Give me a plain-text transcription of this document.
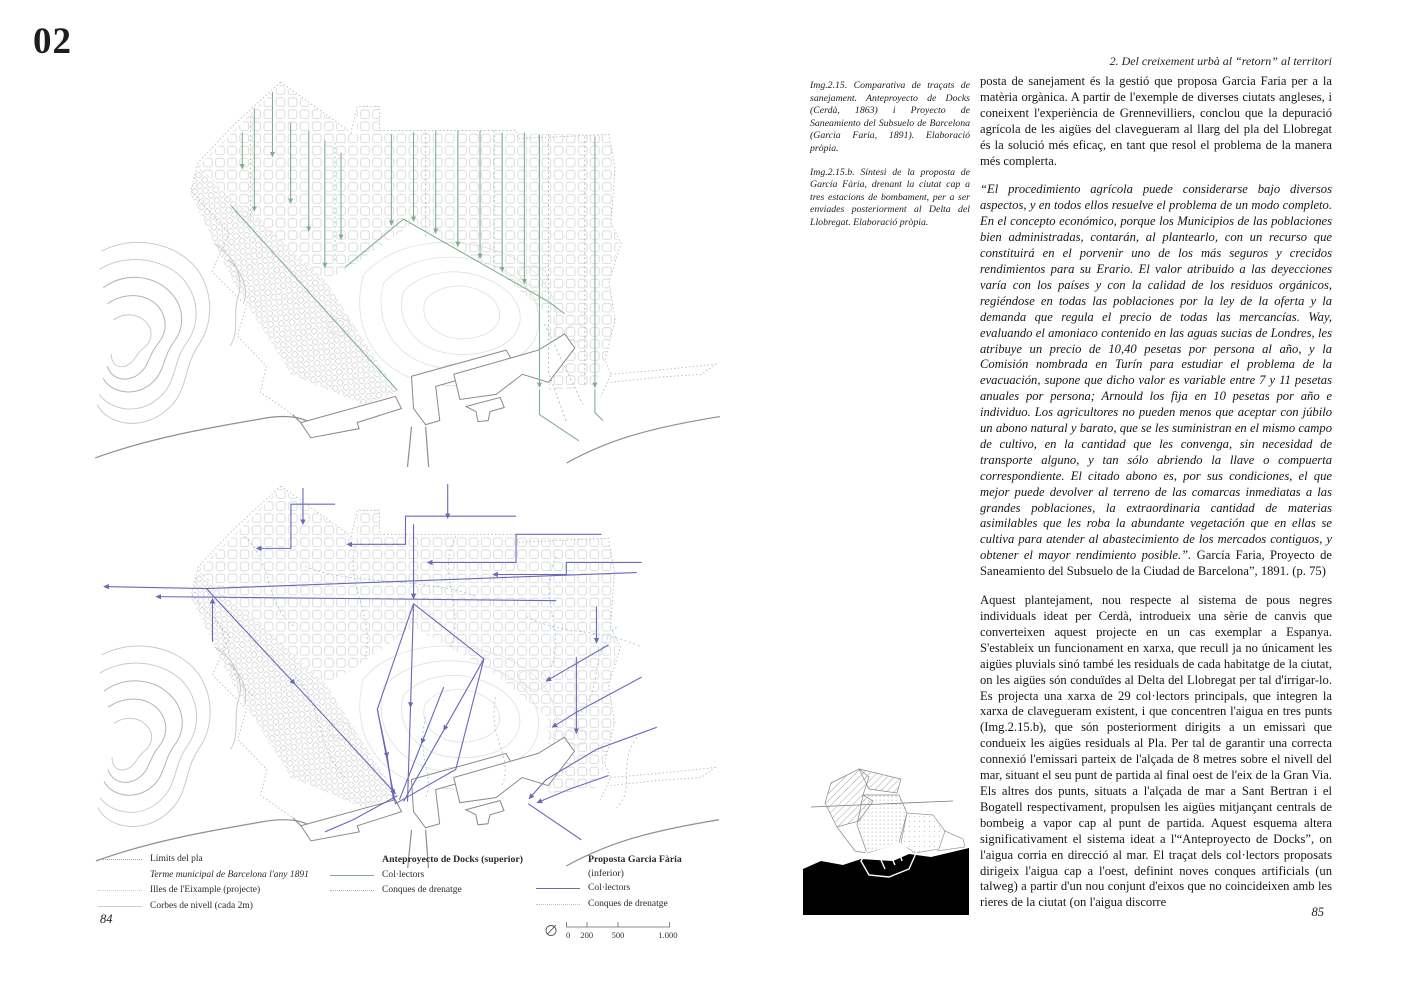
02
Límits del pla
Terme municipal de Barcelona l'any 1891
Illes de l'Eixample (projecte)
Corbes de nivell (cada 2m)
Anteproyecto de Docks (superior)
Col·lectors
Conques de drenatge
Proposta Garcia Fària (inferior)
Col·lectors
Conques de drenatge
0 200 500	1.000
84
2. Del creixement urbà al “retorn” al territori

Img.2.15. Comparativa de traçats de sanejament. Anteproyecto de Docks (Cerdà, 1863) i Proyecto de Saneamiento del Subsuelo de Barcelona (Garcia Faria, 1891). Elaboració pròpia.

Img.2.15.b. Síntesi de la proposta de García Fària, drenant la ciutat cap a tres estacions de bombament, per a ser enviades posteriorment al Delta del Llobregat. Elaboració pròpia.

posta de sanejament és la gestió que proposa Garcia Faria per a la matèria orgànica. A partir de l'exemple de diverses ciutats angleses, i coneixent l'experiència de Grennevilliers, conclou que la depuració agrícola de les aigües del clavegueram al llarg del pla del Llobregat és la solució més eficaç, en tant que resol el problema de la manera més complerta.

“El procedimiento agrícola puede considerarse bajo diversos aspectos, y en todos ellos resuelve el problema de un modo completo. En el concepto económico, porque los Municipios de las poblaciones bien administradas, contarán, al plantearlo, con un recurso que constituirá en el porvenir uno de los más seguros y crecidos rendimientos para su Erario. El valor atribuido a las deyecciones varía con los países y con la calidad de los residuos orgánicos, regiéndose en todas las poblaciones por la ley de la oferta y la demanda que regula el precio de todas las mercancías. Way, evaluando el amoniaco contenido en las aguas sucias de Londres, les atribuye un precio de 10,40 pesetas por persona al año, y la Comisión nombrada en Turín para estudiar el problema de la evacuación, supone que dicho valor es variable entre 7 y 11 pesetas anuales por persona; Arnould los fija en 10 pesetas por año e individuo. Los agricultores no pueden menos que aceptar con júbilo un abono natural y barato, que se les suministran en el mismo campo de cultivo, en la cantidad que les convenga, sin necesidad de transporte alguno, y tan sólo abriendo la llave o compuerta correspondiente. El citado abono es, por sus condiciones, el que mejor puede devolver al terreno de las comarcas inmediatas a las grandes poblaciones, la extraordinaria cantidad de materias asimilables que les roba la abundante vegetación que en ellas se cultiva para atender al abastecimiento de los mercados contiguos, y obtener el mayor rendimiento posible.”. García Faria, Proyecto de Saneamiento del Subsuelo de la Ciudad de Barcelona”, 1891. (p. 75)

Aquest plantejament, nou respecte al sistema de pous negres individuals ideat per Cerdà, introdueix una sèrie de canvis que converteixen aquest projecte en un cas exemplar a Espanya. S'estableix un funcionament en xarxa, que recull ja no únicament les aigües pluvials sinó també les residuals de cada habitatge de la ciutat, on les aigües són conduïdes al Delta del Llobregat per tal d'irrigar-lo. Es projecta una xarxa de 29 col·lectors principals, que integren la xarxa de clavegueram existent, i que concentren l'aigua en tres punts (Img.2.15.b), que són posteriorment dirigits a un emissari que condueix les aigües residuals al Pla. Per tal de garantir una correcta connexió l'emissari parteix de l'alçada de 8 metres sobre el nivell del mar, situant el seu punt de partida al final oest de l'eix de la Gran Via. Els altres dos punts, situats a l'alçada de mar a Sant Bertran i el Bogatell respectivament, propulsen les aigües mitjançant centrals de bombeig a vapor cap al punt de partida. Aquest esquema altera significativament el sistema ideat a l'“Anteproyecto de Docks”, on l'aigua corria en direcció al mar. El traçat dels col·lectors proposats dirigeix l'aigua cap a l'oest, definint noves conques artificials (un talweg) a partir d'un nou conjunt d'eixos que no coincideixen amb les rieres de la ciutat (on l'aigua discorre

85
